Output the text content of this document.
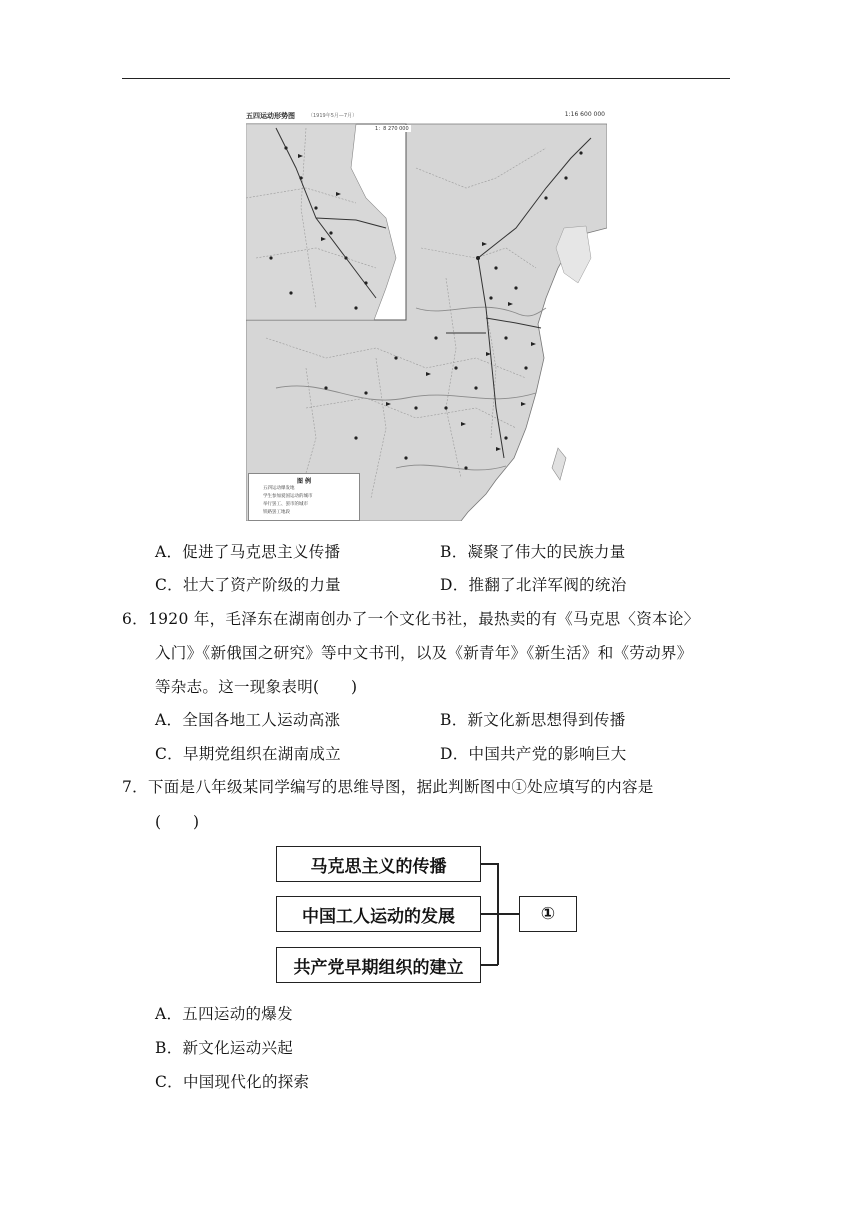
五四运动形势图	（1919年5月—7月）	1:16 600 000
1：8 270 000
图 例
五四运动爆发地
学生参加爱国运动的城市
举行罢工、罢市的城市
铁路罢工地段
A．促进了马克思主义传播	B．凝聚了伟大的民族力量
C．壮大了资产阶级的力量	D．推翻了北洋军阀的统治
6．1920 年，毛泽东在湖南创办了一个文化书社，最热卖的有《马克思〈资本论〉
入门》《新俄国之研究》等中文书刊，以及《新青年》《新生活》和《劳动界》
等杂志。这一现象表明(　　)
A．全国各地工人运动高涨	B．新文化新思想得到传播
C．早期党组织在湖南成立	D．中国共产党的影响巨大
7．下面是八年级某同学编写的思维导图，据此判断图中①处应填写的内容是
(　　)
马克思主义的传播
中国工人运动的发展
共产党早期组织的建立
①
A．五四运动的爆发
B．新文化运动兴起
C．中国现代化的探索
